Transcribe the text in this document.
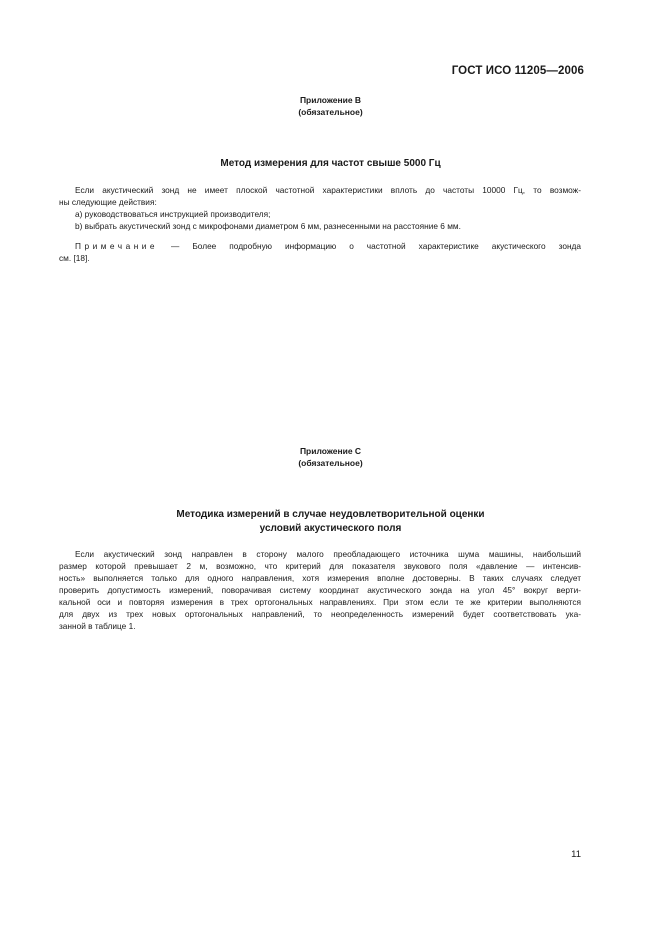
ГОСТ ИСО 11205—2006
Приложение В
(обязательное)
Метод измерения для частот свыше 5000 Гц

Если акустический зонд не имеет плоской частотной характеристики вплоть до частоты 10000 Гц, то возмож-

ны следующие действия:

a) руководствоваться инструкцией производителя;

b) выбрать акустический зонд с микрофонами диаметром 6 мм, разнесенными на расстояние 6 мм.

Примечание — Более подробную информацию о частотной характеристике акустического зонда

см. [18].

Приложение С
(обязательное)
Методика измерений в случае неудовлетворительной оценки
условий акустического поля

Если акустический зонд направлен в сторону малого преобладающего источника шума машины, наибольший

размер которой превышает 2 м, возможно, что критерий для показателя звукового поля «давление — интенсив-

ность» выполняется только для одного направления, хотя измерения вполне достоверны. В таких случаях следует

проверить допустимость измерений, поворачивая систему координат акустического зонда на угол 45° вокруг верти-

кальной оси и повторяя измерения в трех ортогональных направлениях. При этом если те же критерии выполняются

для двух из трех новых ортогональных направлений, то неопределенность измерений будет соответствовать ука-

занной в таблице 1.

11
